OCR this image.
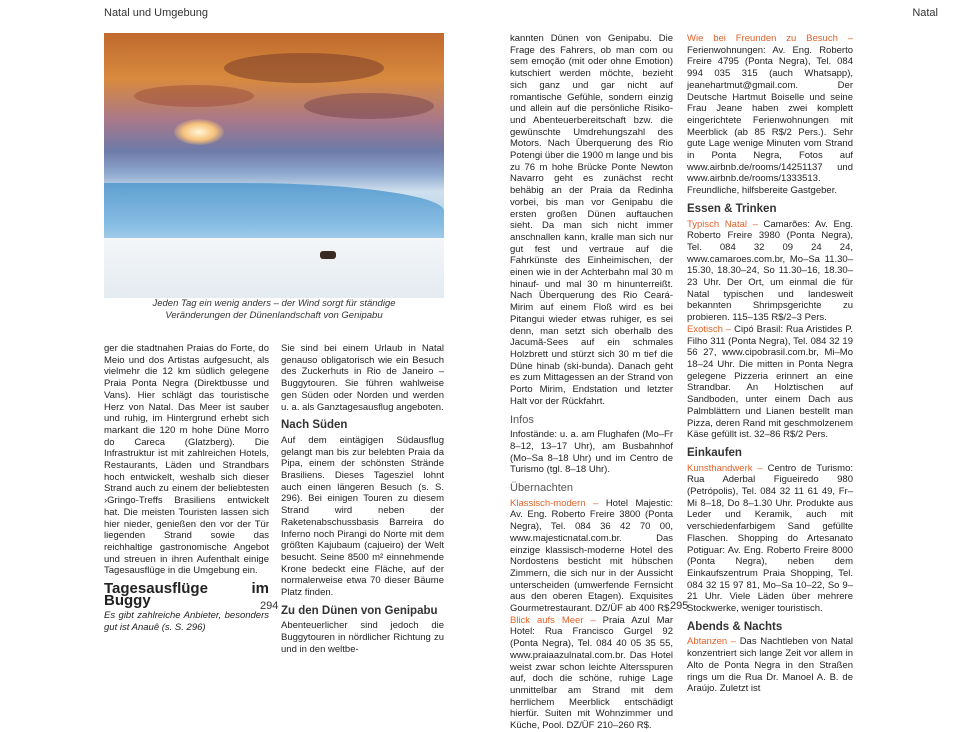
Natal und Umgebung
Jeden Tag ein wenig anders – der Wind sorgt für ständige
Veränderungen der Dünenlandschaft von Genipabu

ger die stadtnahen Praias do Forte, do Meio und dos Artistas aufgesucht, als vielmehr die 12 km südlich gelegene Praia Ponta Negra (Direktbusse und Vans). Hier schlägt das touristische Herz von Natal. Das Meer ist sauber und ruhig, im Hintergrund erhebt sich markant die 120 m hohe Düne Morro do Careca (Glatzberg). Die Infrastruktur ist mit zahlreichen Hotels, Restaurants, Läden und Strandbars hoch entwickelt, weshalb sich dieser Strand auch zu einem der beliebtesten ›Gringo-Treffs Brasiliens entwickelt hat. Die meisten Touristen lassen sich hier nieder, genießen den vor der Tür liegenden Strand sowie das reichhaltige gastronomische Angebot und streuen in ihren Aufenthalt einige Tagesausflüge in die Umgebung ein.

Tagesausflüge im Buggy

Es gibt zahlreiche Anbieter, besonders gut ist Anauê (s. S. 296)

Sie sind bei einem Urlaub in Natal genauso obligatorisch wie ein Besuch des Zuckerhuts in Rio de Janeiro – Buggytouren. Sie führen wahlweise gen Süden oder Norden und werden u. a. als Ganztagesausflug angeboten.

Nach Süden

Auf dem eintägigen Südausflug gelangt man bis zur belebten Praia da Pipa, einem der schönsten Strände Brasiliens. Dieses Tagesziel lohnt auch einen längeren Besuch (s. S. 296). Bei einigen Touren zu diesem Strand wird neben der Raketenabschussbasis Barreira do Inferno noch Pirangi do Norte mit dem größten Kajubaum (cajueiro) der Welt besucht. Seine 8500 m² einnehmende Krone bedeckt eine Fläche, auf der normalerweise etwa 70 dieser Bäume Platz finden.

Zu den Dünen von Genipabu

Abenteuerlicher sind jedoch die Buggytouren in nördlicher Richtung zu und in den weltbe-

294
Natal

kannten Dünen von Genipabu. Die Frage des Fahrers, ob man com ou sem emoção (mit oder ohne Emotion) kutschiert werden möchte, bezieht sich ganz und gar nicht auf romantische Gefühle, sondern einzig und allein auf die persönliche Risiko- und Abenteuerbereitschaft bzw. die gewünschte Umdrehungszahl des Motors. Nach Überquerung des Rio Potengi über die 1900 m lange und bis zu 76 m hohe Brücke Ponte Newton Navarro geht es zunächst recht behäbig an der Praia da Redinha vorbei, bis man vor Genipabu die ersten großen Dünen auftauchen sieht. Da man sich nicht immer anschnallen kann, kralle man sich nur gut fest und vertraue auf die Fahrkünste des Einheimischen, der einen wie in der Achterbahn mal 30 m hinauf- und mal 30 m hinunterreißt. Nach Überquerung des Rio Ceará-Mirim auf einem Floß wird es bei Pitangui wieder etwas ruhiger, es sei denn, man setzt sich oberhalb des Jacumã-Sees auf ein schmales Holzbrett und stürzt sich 30 m tief die Düne hinab (ski-bunda). Danach geht es zum Mittagessen an der Strand von Porto Mirim, Endstation und letzter Halt vor der Rückfahrt.

Infos

Infostände: u. a. am Flughafen (Mo–Fr 8–12, 13–17 Uhr), am Busbahnhof (Mo–Sa 8–18 Uhr) und im Centro de Turismo (tgl. 8–18 Uhr).

Übernachten

Klassisch-modern – Hotel Majestic: Av. Eng. Roberto Freire 3800 (Ponta Negra), Tel. 084 36 42 70 00, www.majesticnatal.com.br. Das einzige klassisch-moderne Hotel des Nordostens besticht mit hübschen Zimmern, die sich nur in der Aussicht unterscheiden (umwerfende Fernsicht aus den oberen Etagen). Exquisites Gourmetrestaurant. DZ/ÜF ab 400 R$.

Blick aufs Meer – Praia Azul Mar Hotel: Rua Francisco Gurgel 92 (Ponta Negra), Tel. 084 40 05 35 55, www.praiaazulnatal.com.br. Das Hotel weist zwar schon leichte Altersspuren auf, doch die schöne, ruhige Lage unmittelbar am Strand mit dem herrlichem Meerblick entschädigt hierfür. Suiten mit Wohnzimmer und Küche, Pool. DZ/ÜF 210–260 R$.

Wie bei Freunden zu Besuch – Ferienwohnungen: Av. Eng. Roberto Freire 4795 (Ponta Negra), Tel. 084 994 035 315 (auch Whatsapp), jeanehartmut@gmail.com. Der Deutsche Hartmut Boiselle und seine Frau Jeane haben zwei komplett eingerichtete Ferienwohnungen mit Meerblick (ab 85 R$/2 Pers.). Sehr gute Lage wenige Minuten vom Strand in Ponta Negra, Fotos auf www.airbnb.de/rooms/14251137 und www.airbnb.de/rooms/1333513. Freundliche, hilfsbereite Gastgeber.

Essen & Trinken

Typisch Natal – Camarões: Av. Eng. Roberto Freire 3980 (Ponta Negra), Tel. 084 32 09 24 24, www.camaroes.com.br, Mo–Sa 11.30–15.30, 18.30–24, So 11.30–16, 18.30–23 Uhr. Der Ort, um einmal die für Natal typischen und landesweit bekannten Shrimpsgerichte zu probieren. 115–135 R$/2–3 Pers.

Exotisch – Cipó Brasil: Rua Aristides P. Filho 311 (Ponta Negra), Tel. 084 32 19 56 27, www.cipobrasil.com.br, Mi–Mo 18–24 Uhr. Die mitten in Ponta Negra gelegene Pizzeria erinnert an eine Strandbar. An Holztischen auf Sandboden, unter einem Dach aus Palmblättern und Lianen bestellt man Pizza, deren Rand mit geschmolzenem Käse gefüllt ist. 32–86 R$/2 Pers.

Einkaufen

Kunsthandwerk – Centro de Turismo: Rua Aderbal Figueiredo 980 (Petrópolis), Tel. 084 32 11 61 49, Fr–Mi 8–18, Do 8–1.30 Uhr. Produkte aus Leder und Keramik, auch mit verschiedenfarbigem Sand gefüllte Flaschen. Shopping do Artesanato Potiguar: Av. Eng. Roberto Freire 8000 (Ponta Negra), neben dem Einkaufszentrum Praia Shopping, Tel. 084 32 15 97 81, Mo–Sa 10–22, So 9–21 Uhr. Viele Läden über mehrere Stockwerke, weniger touristisch.

Abends & Nachts

Abtanzen – Das Nachtleben von Natal konzentriert sich lange Zeit vor allem in Alto de Ponta Negra in den Straßen rings um die Rua Dr. Manoel A. B. de Araújo. Zuletzt ist

295
